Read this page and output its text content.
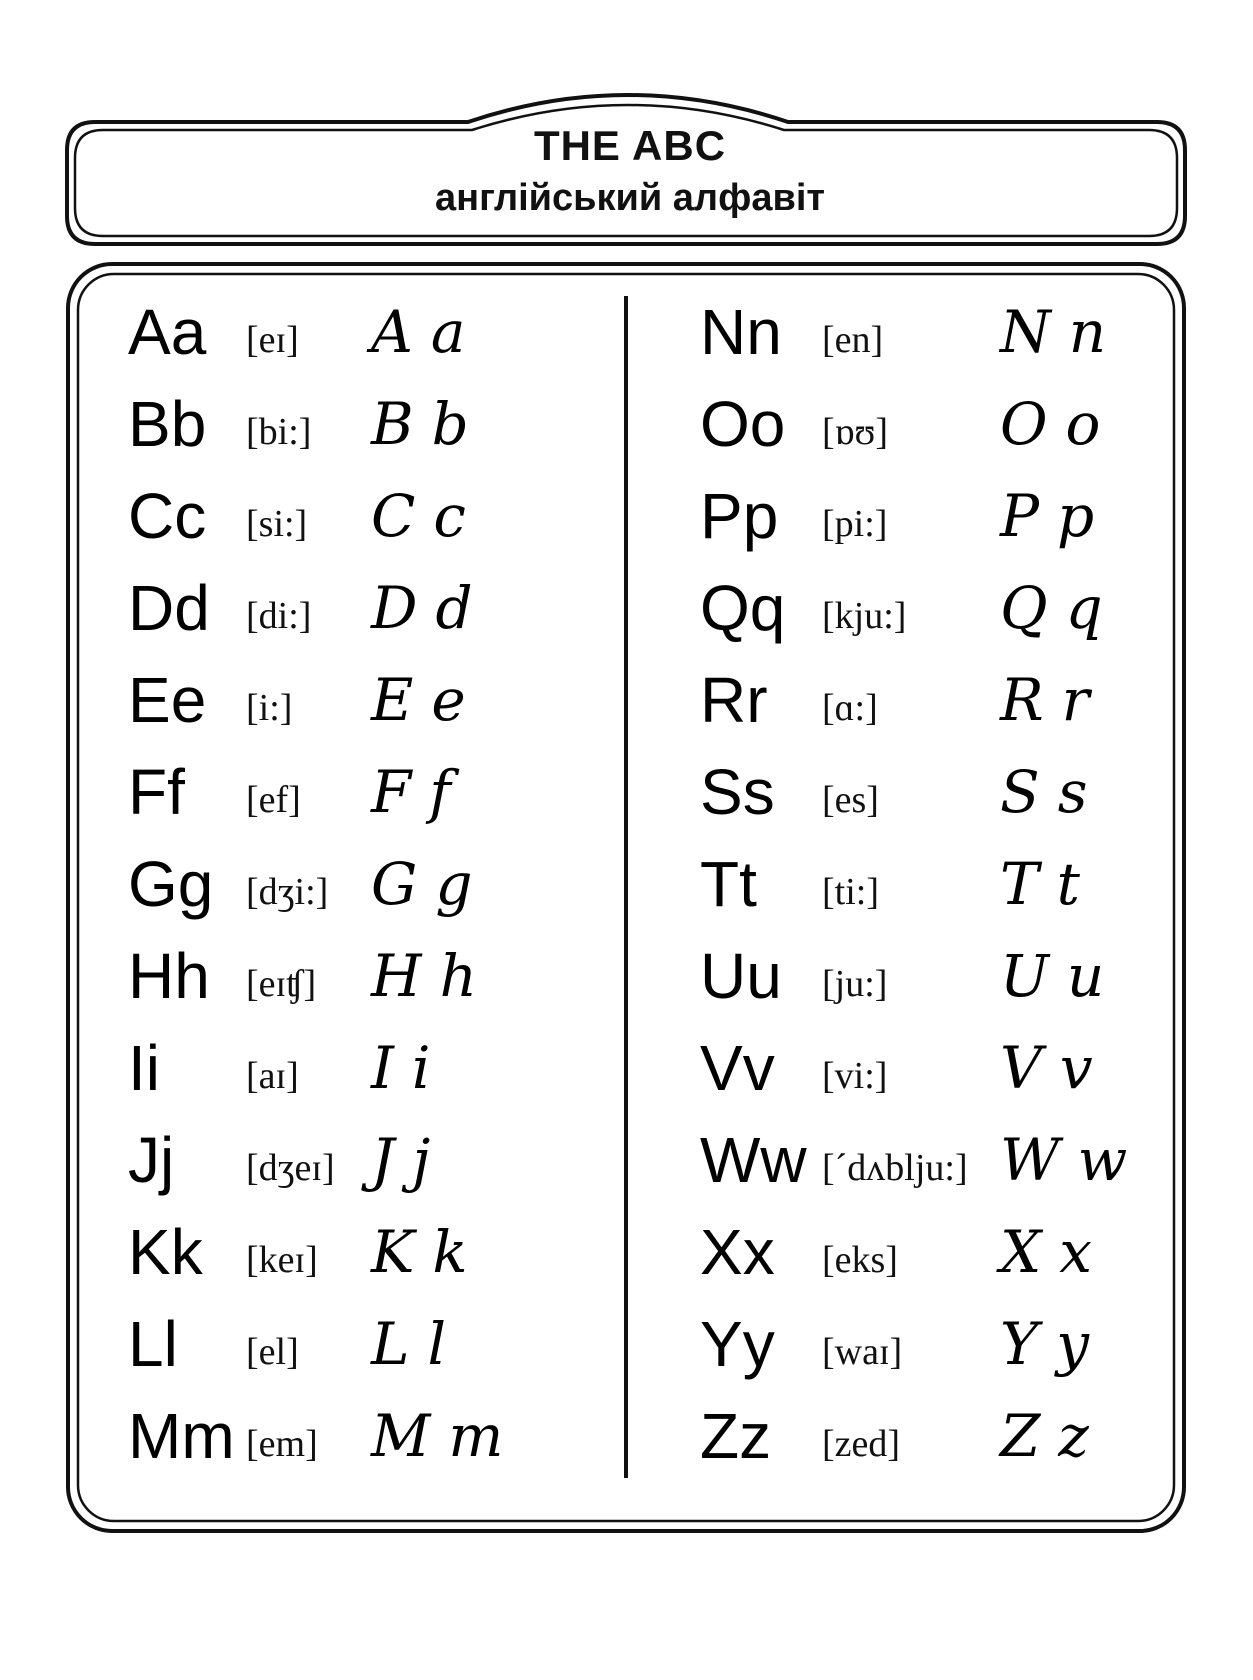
THE ABC
англійський алфавіт
Aa [eɪ] Aa
Bb [bi:] Bb
Cc [si:] Cc
Dd [di:] Dd
Ee [i:] Ee
Ff [ef] Ff
Gg [dʒi:] Gg
Hh [eɪʧ] Hh
Ii [aɪ] Ii
Jj [dʒeɪ] Jj
Kk [keɪ] Kk
Ll [el] Ll
Mm [em] Mm
Nn [en] Nn
Oo [ɒʊ] Oo
Pp [pi:] Pp
Qq [kju:] Qq
Rr [ɑ:] Rr
Ss [es] Ss
Tt [ti:] Tt
Uu [ju:] Uu
Vv [vi:] Vv
Ww [ˊdʌblju:] Ww
Xx [eks] Xx
Yy [waɪ] Yy
Zz [zed] Zz
